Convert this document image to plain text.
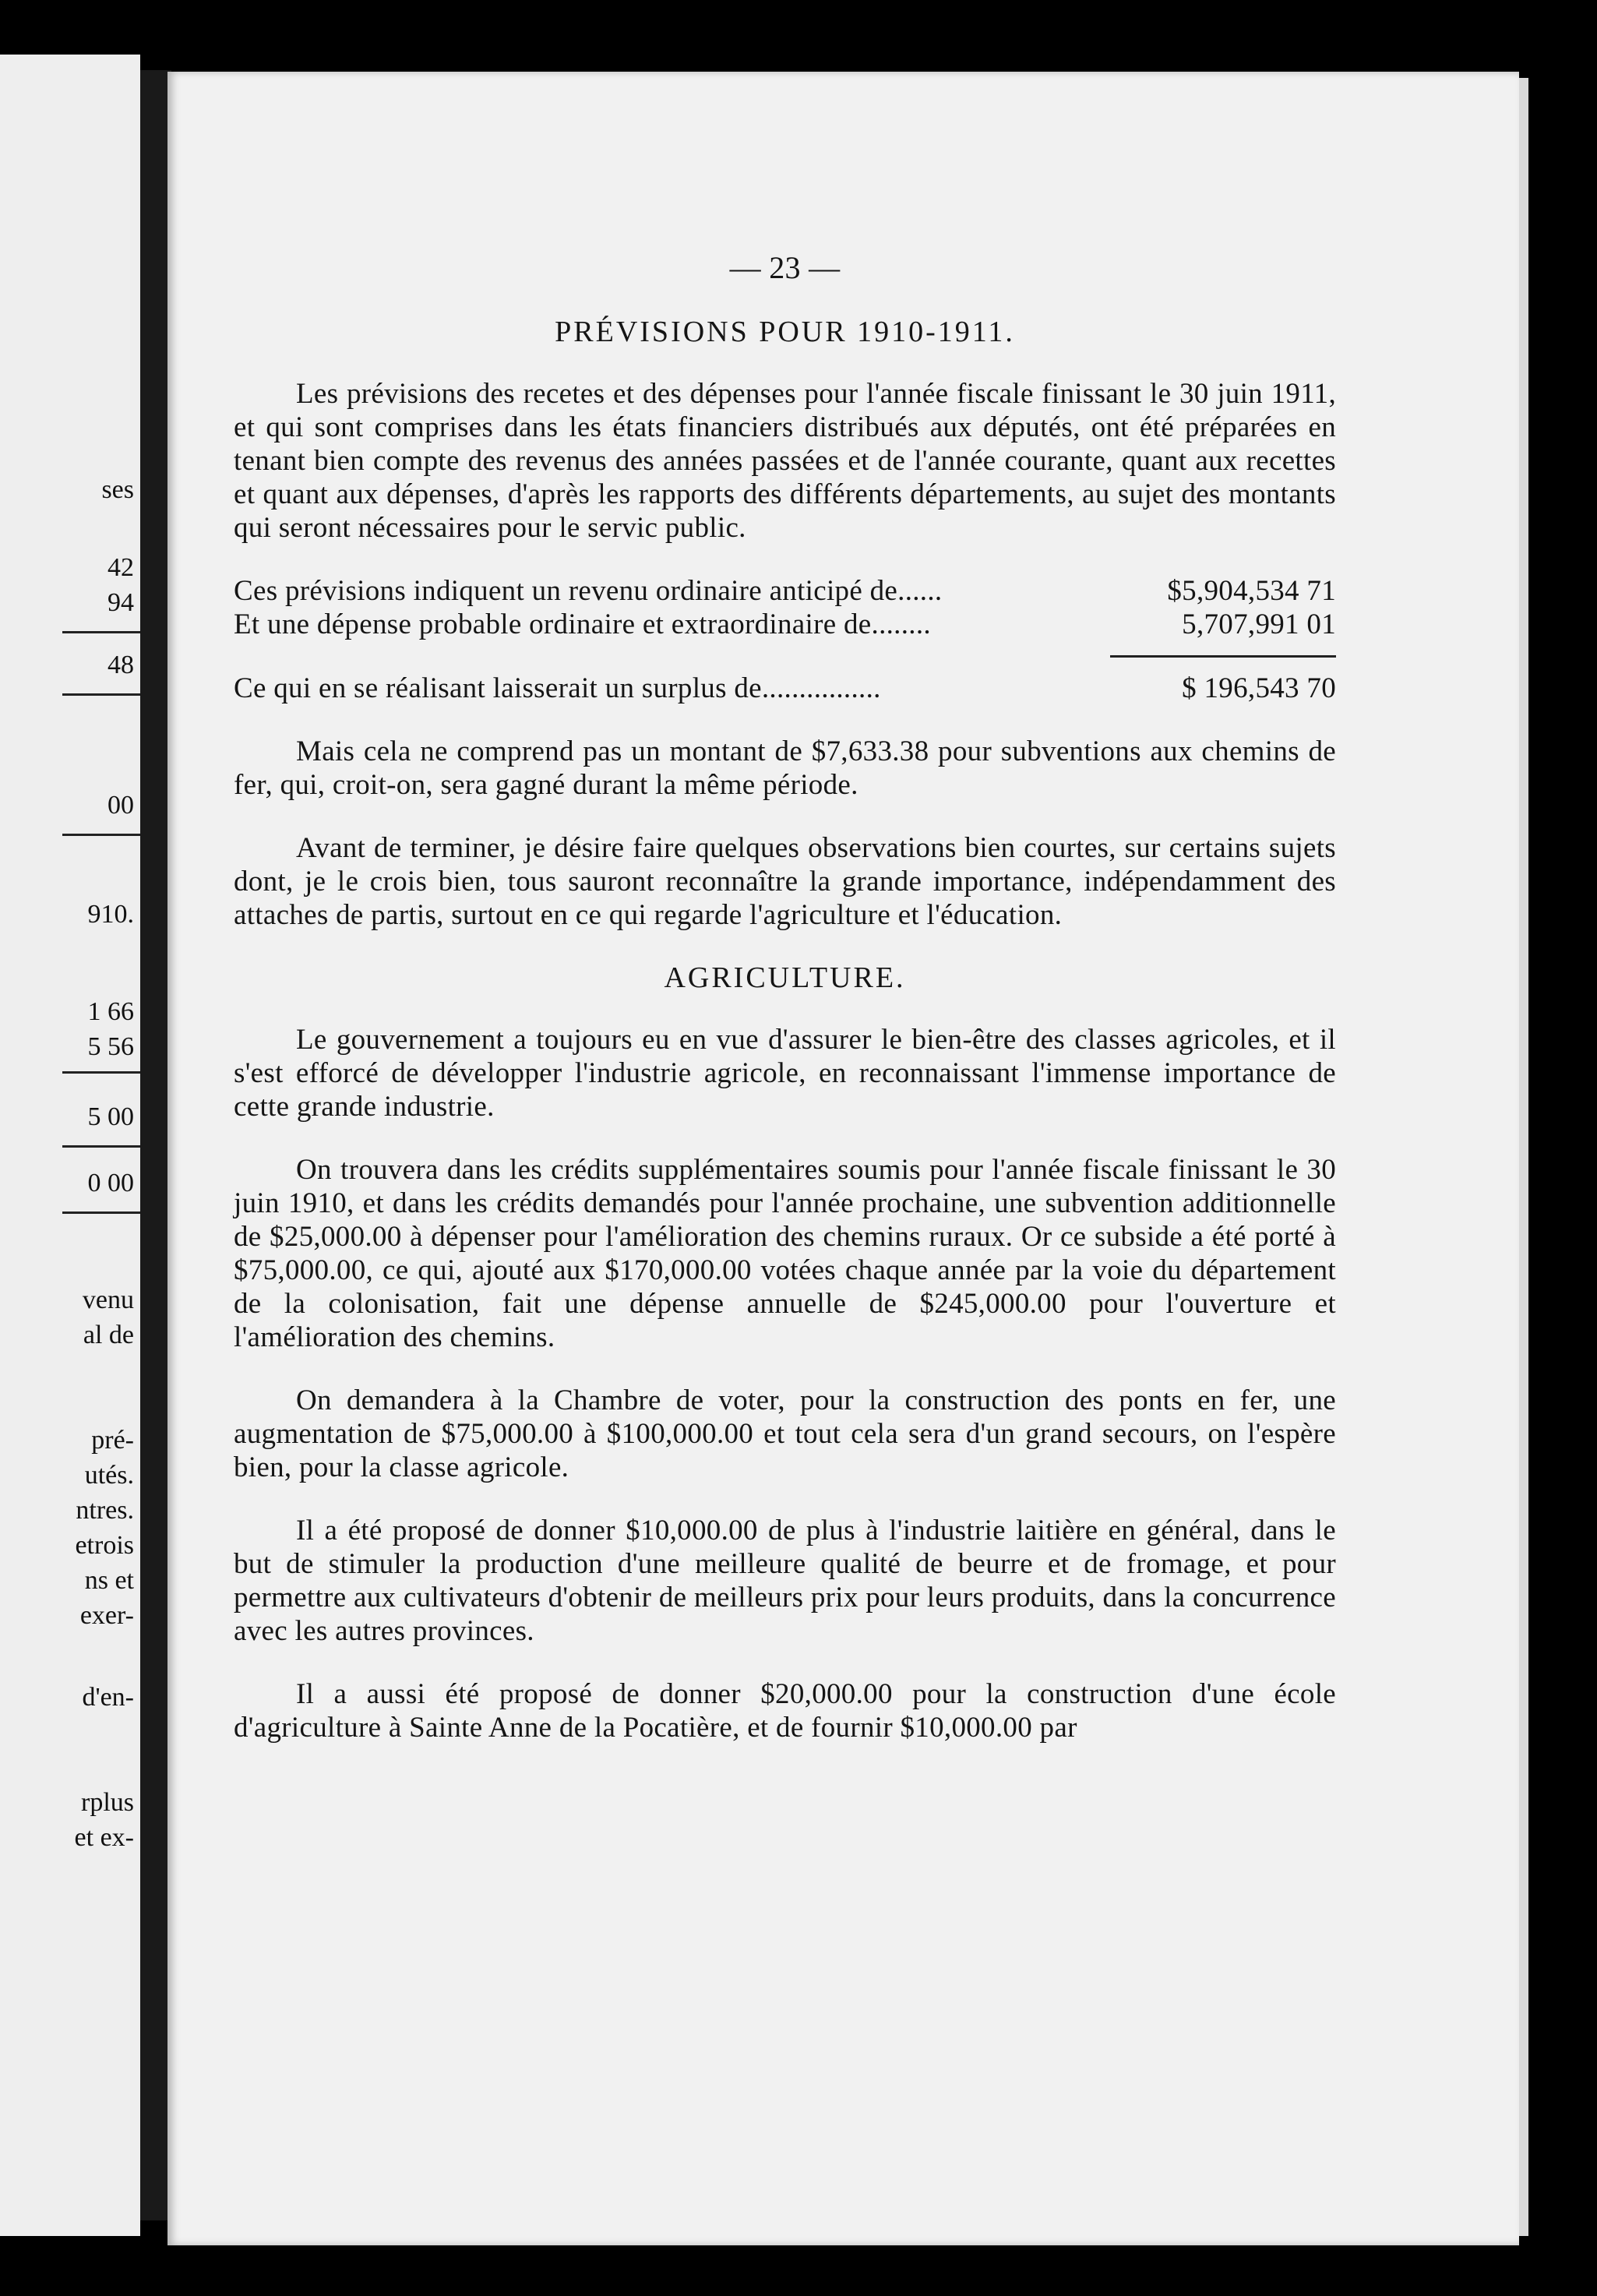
ses
42
94
48
00
910.
1 66
5 56
5 00
0 00
venu
al de
pré-
utés.
ntres.
etrois
ns et
exer-
d'en-
rplus
et ex-
— 23 —
PRÉVISIONS POUR 1910-1911.

Les prévisions des recetes et des dépenses pour l'année fiscale finissant le 30 juin 1911, et qui sont comprises dans les états financiers distribués aux députés, ont été préparées en tenant bien compte des revenus des années passées et de l'année courante, quant aux recettes et quant aux dépenses, d'après les rapports des différents départements, au sujet des montants qui seront nécessaires pour le servic public.

Ces prévisions indiquent un revenu ordinaire anticipé de......	$5,904,534 71
Et une dépense probable ordinaire et extraordinaire de........	5,707,991 01
Ce qui en se réalisant laisserait un surplus de................	$ 196,543 70

Mais cela ne comprend pas un montant de $7,633.38 pour subventions aux chemins de fer, qui, croit-on, sera gagné durant la même période.

Avant de terminer, je désire faire quelques observations bien courtes, sur certains sujets dont, je le crois bien, tous sauront reconnaître la grande importance, indépendamment des attaches de partis, surtout en ce qui regarde l'agriculture et l'éducation.

AGRICULTURE.

Le gouvernement a toujours eu en vue d'assurer le bien-être des classes agricoles, et il s'est efforcé de développer l'industrie agricole, en reconnaissant l'immense importance de cette grande industrie.

On trouvera dans les crédits supplémentaires soumis pour l'année fiscale finissant le 30 juin 1910, et dans les crédits demandés pour l'année prochaine, une subvention additionnelle de $25,000.00 à dépenser pour l'amélioration des chemins ruraux. Or ce subside a été porté à $75,000.00, ce qui, ajouté aux $170,000.00 votées chaque année par la voie du département de la colonisation, fait une dépense annuelle de $245,000.00 pour l'ouverture et l'amélioration des chemins.

On demandera à la Chambre de voter, pour la construction des ponts en fer, une augmentation de $75,000.00 à $100,000.00 et tout cela sera d'un grand secours, on l'espère bien, pour la classe agricole.

Il a été proposé de donner $10,000.00 de plus à l'industrie laitière en général, dans le but de stimuler la production d'une meilleure qualité de beurre et de fromage, et pour permettre aux cultivateurs d'obtenir de meilleurs prix pour leurs produits, dans la concurrence avec les autres provinces.

Il a aussi été proposé de donner $20,000.00 pour la construction d'une école d'agriculture à Sainte Anne de la Pocatière, et de fournir $10,000.00 par
